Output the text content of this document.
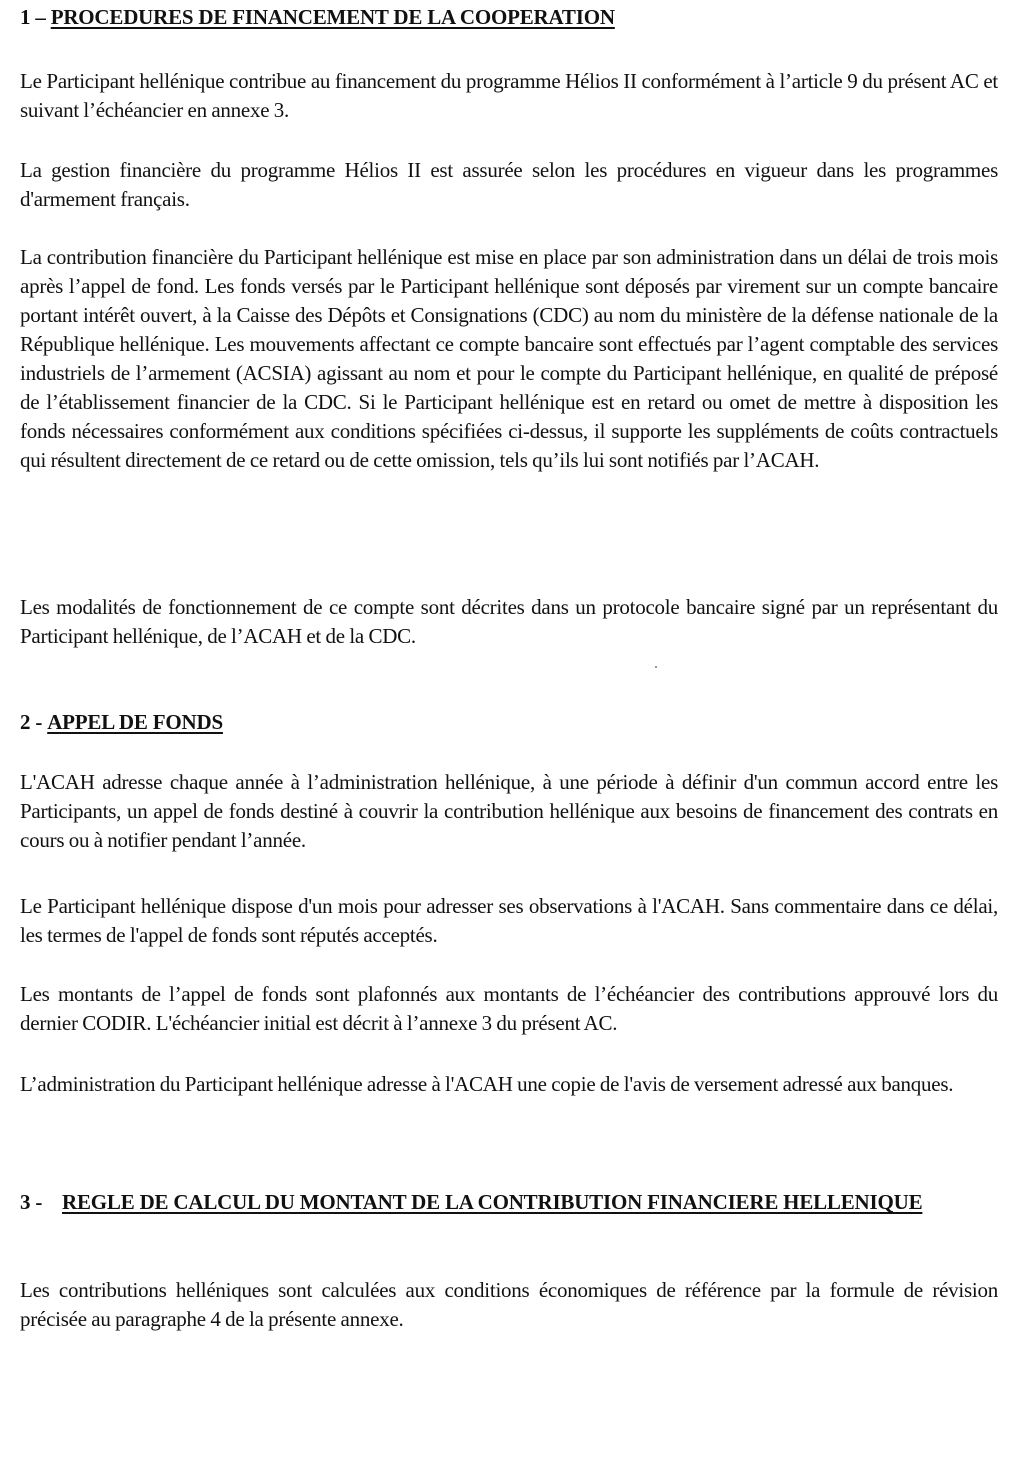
1 – PROCEDURES DE FINANCEMENT DE LA COOPERATION

Le Participant hellénique contribue au financement du programme Hélios II conformément à l’article 9 du présent AC et suivant l’échéancier en annexe 3.

La gestion financière du programme Hélios II est assurée selon les procédures en vigueur dans les programmes d'armement français.

La contribution financière du Participant hellénique est mise en place par son administration dans un délai de trois mois après l’appel de fond. Les fonds versés par le Participant hellénique sont déposés par virement sur un compte bancaire portant intérêt ouvert, à la Caisse des Dépôts et Consignations (CDC) au nom du ministère de la défense nationale de la République hellénique. Les mouvements affectant ce compte bancaire sont effectués par l’agent comptable des services industriels de l’armement (ACSIA) agissant au nom et pour le compte du Participant hellénique, en qualité de préposé de l’établissement financier de la CDC. Si le Participant hellénique est en retard ou omet de mettre à disposition les fonds nécessaires conformément aux conditions spécifiées ci-dessus, il supporte les suppléments de coûts contractuels qui résultent directement de ce retard ou de cette omission, tels qu’ils lui sont notifiés par l’ACAH.

Les modalités de fonctionnement de ce compte sont décrites dans un protocole bancaire signé par un représentant du Participant hellénique, de l’ACAH et de la CDC.

2 - APPEL DE FONDS

L'ACAH adresse chaque année à l’administration hellénique, à une période à définir d'un commun accord entre les Participants, un appel de fonds destiné à couvrir la contribution hellénique aux besoins de financement des contrats en cours ou à notifier pendant l’année.

Le Participant hellénique dispose d'un mois pour adresser ses observations à l'ACAH. Sans commentaire dans ce délai, les termes de l'appel de fonds sont réputés acceptés.

Les montants de l’appel de fonds sont plafonnés aux montants de l’échéancier des contributions approuvé lors du dernier CODIR. L'échéancier initial est décrit à l’annexe 3 du présent AC.

L’administration du Participant hellénique adresse à l'ACAH une copie de l'avis de versement adressé aux banques.

3 - REGLE DE CALCUL DU MONTANT DE LA CONTRIBUTION FINANCIERE HELLENIQUE

Les contributions helléniques sont calculées aux conditions économiques de référence par la formule de révision précisée au paragraphe 4 de la présente annexe.
